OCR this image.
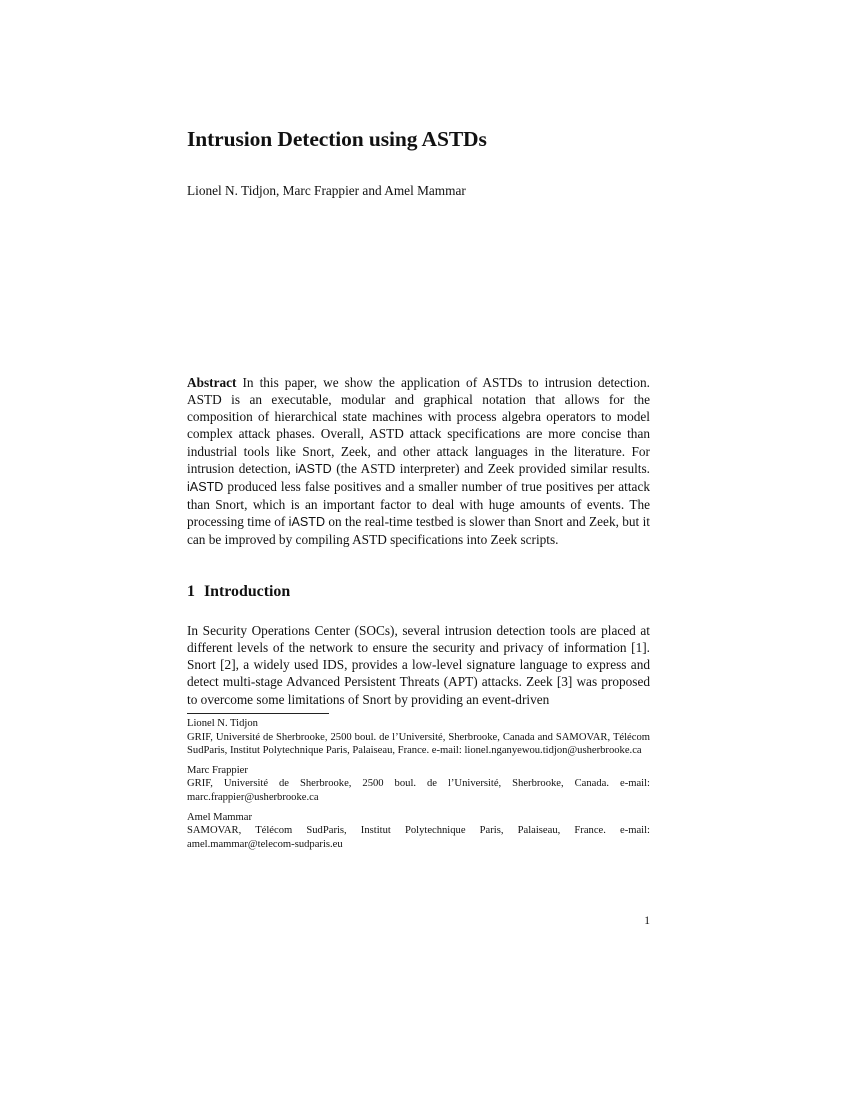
Intrusion Detection using ASTDs
Lionel N. Tidjon, Marc Frappier and Amel Mammar
Abstract In this paper, we show the application of ASTDs to intrusion detection. ASTD is an executable, modular and graphical notation that allows for the composition of hierarchical state machines with process algebra operators to model complex attack phases. Overall, ASTD attack specifications are more concise than industrial tools like Snort, Zeek, and other attack languages in the literature. For intrusion detection, iASTD (the ASTD interpreter) and Zeek provided similar results. iASTD produced less false positives and a smaller number of true positives per attack than Snort, which is an important factor to deal with huge amounts of events. The processing time of iASTD on the real-time testbed is slower than Snort and Zeek, but it can be improved by compiling ASTD specifications into Zeek scripts.
1 Introduction
In Security Operations Center (SOCs), several intrusion detection tools are placed at different levels of the network to ensure the security and privacy of information [1]. Snort [2], a widely used IDS, provides a low-level signature language to express and detect multi-stage Advanced Persistent Threats (APT) attacks. Zeek [3] was proposed to overcome some limitations of Snort by providing an event-driven
Lionel N. Tidjon
GRIF, Université de Sherbrooke, 2500 boul. de l’Université, Sherbrooke, Canada and SAMOVAR, Télécom SudParis, Institut Polytechnique Paris, Palaiseau, France. e-mail: lionel.nganyewou.tidjon@usherbrooke.ca
Marc Frappier
GRIF, Université de Sherbrooke, 2500 boul. de l’Université, Sherbrooke, Canada. e-mail: marc.frappier@usherbrooke.ca
Amel Mammar
SAMOVAR, Télécom SudParis, Institut Polytechnique Paris, Palaiseau, France. e-mail: amel.mammar@telecom-sudparis.eu
1
